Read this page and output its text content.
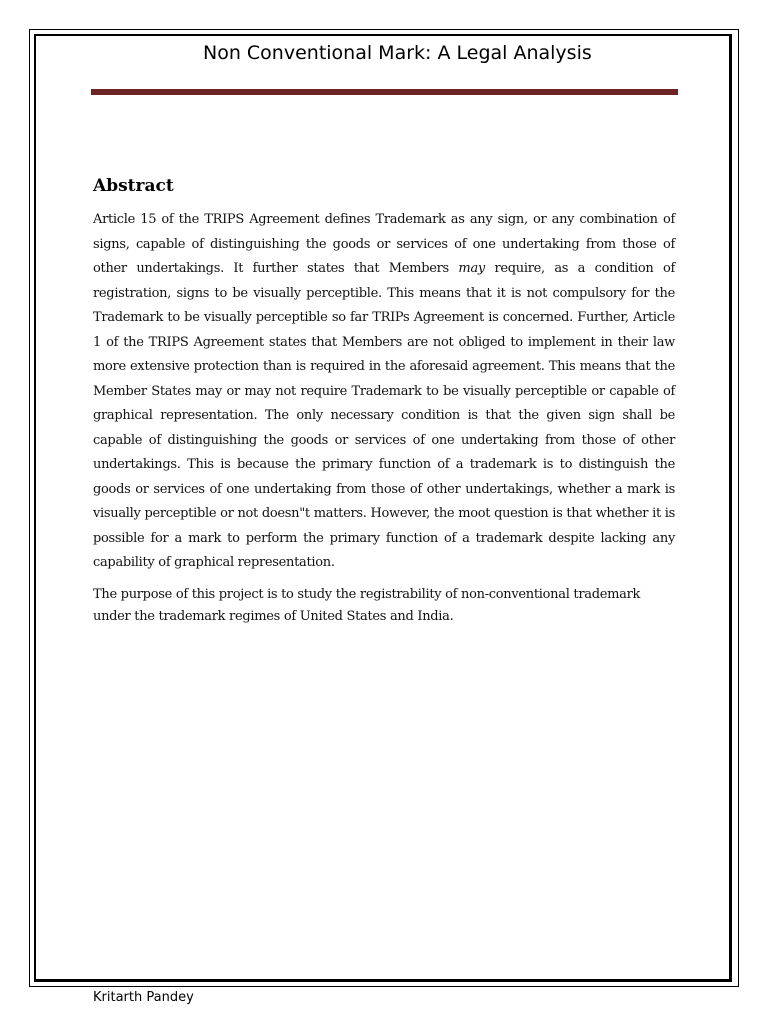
Non Conventional Mark: A Legal Analysis
Abstract

Article 15 of the TRIPS Agreement defines Trademark as any sign, or any combination of signs, capable of distinguishing the goods or services of one undertaking from those of other undertakings. It further states that Members may require, as a condition of registration, signs to be visually perceptible. This means that it is not compulsory for the Trademark to be visually perceptible so far TRIPs Agreement is concerned. Further, Article 1 of the TRIPS Agreement states that Members are not obliged to implement in their law more extensive protection than is required in the aforesaid agreement. This means that the Member States may or may not require Trademark to be visually perceptible or capable of graphical representation. The only necessary condition is that the given sign shall be capable of distinguishing the goods or services of one undertaking from those of other undertakings. This is because the primary function of a trademark is to distinguish the goods or services of one undertaking from those of other undertakings, whether a mark is visually perceptible or not doesn"t matters. However, the moot question is that whether it is possible for a mark to perform the primary function of a trademark despite lacking any capability of graphical representation.

The purpose of this project is to study the registrability of non-conventional trademark under the trademark regimes of United States and India.

Kritarth Pandey
